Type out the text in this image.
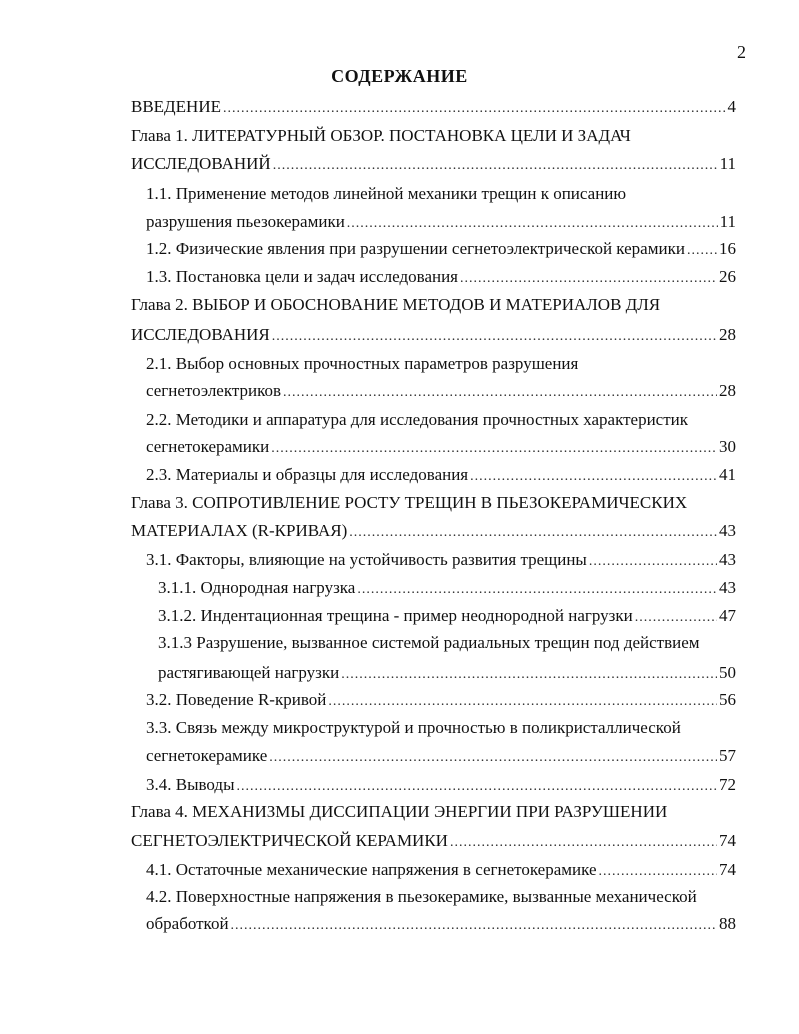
2
СОДЕРЖАНИЕ
ВВЕДЕНИЕ .....	4
Глава 1. ЛИТЕРАТУРНЫЙ ОБЗОР. ПОСТАНОВКА ЦЕЛИ И ЗАДАЧ
ИССЛЕДОВАНИЙ .....	11
1.1. Применение методов линейной механики трещин к описанию
разрушения пьезокерамики .....	11
1.2. Физические явления при разрушении сегнетоэлектрической керамики ..... 16
1.3. Постановка цели и задач исследования .....	26
Глава 2. ВЫБОР И ОБОСНОВАНИЕ МЕТОДОВ И МАТЕРИАЛОВ ДЛЯ
ИССЛЕДОВАНИЯ .....	28
2.1. Выбор основных прочностных параметров разрушения
сегнетоэлектриков .....	28
2.2. Методики и аппаратура для исследования прочностных характеристик
сегнетокерамики .....	30
2.3. Материалы и образцы для исследования .....	41
Глава 3. СОПРОТИВЛЕНИЕ РОСТУ ТРЕЩИН В ПЬЕЗОКЕРАМИЧЕСКИХ
МАТЕРИАЛАХ (R-КРИВАЯ) .....	43
3.1. Факторы, влияющие на устойчивость развития трещины .....	43
3.1.1. Однородная нагрузка .....	43
3.1.2. Индентационная трещина - пример неоднородной нагрузки .....	47
3.1.3 Разрушение, вызванное системой радиальных трещин под действием
растягивающей нагрузки .....	50
3.2. Поведение R-кривой .....	56
3.3. Связь между микроструктурой и прочностью в поликристаллической
сегнетокерамике .....	57
3.4. Выводы .....	72
Глава 4. МЕХАНИЗМЫ ДИССИПАЦИИ ЭНЕРГИИ ПРИ РАЗРУШЕНИИ
СЕГНЕТОЭЛЕКТРИЧЕСКОЙ КЕРАМИКИ .....	74
4.1. Остаточные механические напряжения в сегнетокерамике .....	74
4.2. Поверхностные напряжения в пьезокерамике, вызванные механической
обработкой .....	88
